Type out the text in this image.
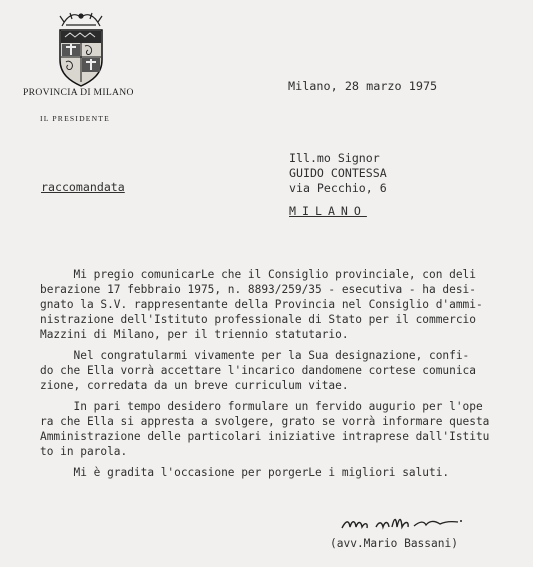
PROVINCIA DI MILANO
IL PRESIDENTE
Milano, 28 marzo 1975
Ill.mo Signor
GUIDO CONTESSA
via Pecchio, 6
MILANO
raccomandata
Mi pregio comunicarLe che il Consiglio provinciale, con deli
berazione 17 febbraio 1975, n. 8893/259/35 - esecutiva - ha desi-
gnato la S.V. rappresentante della Provincia nel Consiglio d'ammi-
nistrazione dell'Istituto professionale di Stato per il commercio
Mazzini di Milano, per il triennio statutario.
Nel congratularmi vivamente per la Sua designazione, confi-
do che Ella vorrà accettare l'incarico dandomene cortese comunica
zione, corredata da un breve curriculum vitae.
In pari tempo desidero formulare un fervido augurio per l'ope
ra che Ella si appresta a svolgere, grato se vorrà informare questa
Amministrazione delle particolari iniziative intraprese dall'Istitu
to in parola.
Mi è gradita l'occasione per porgerLe i migliori saluti.
(avv.Mario Bassani)
